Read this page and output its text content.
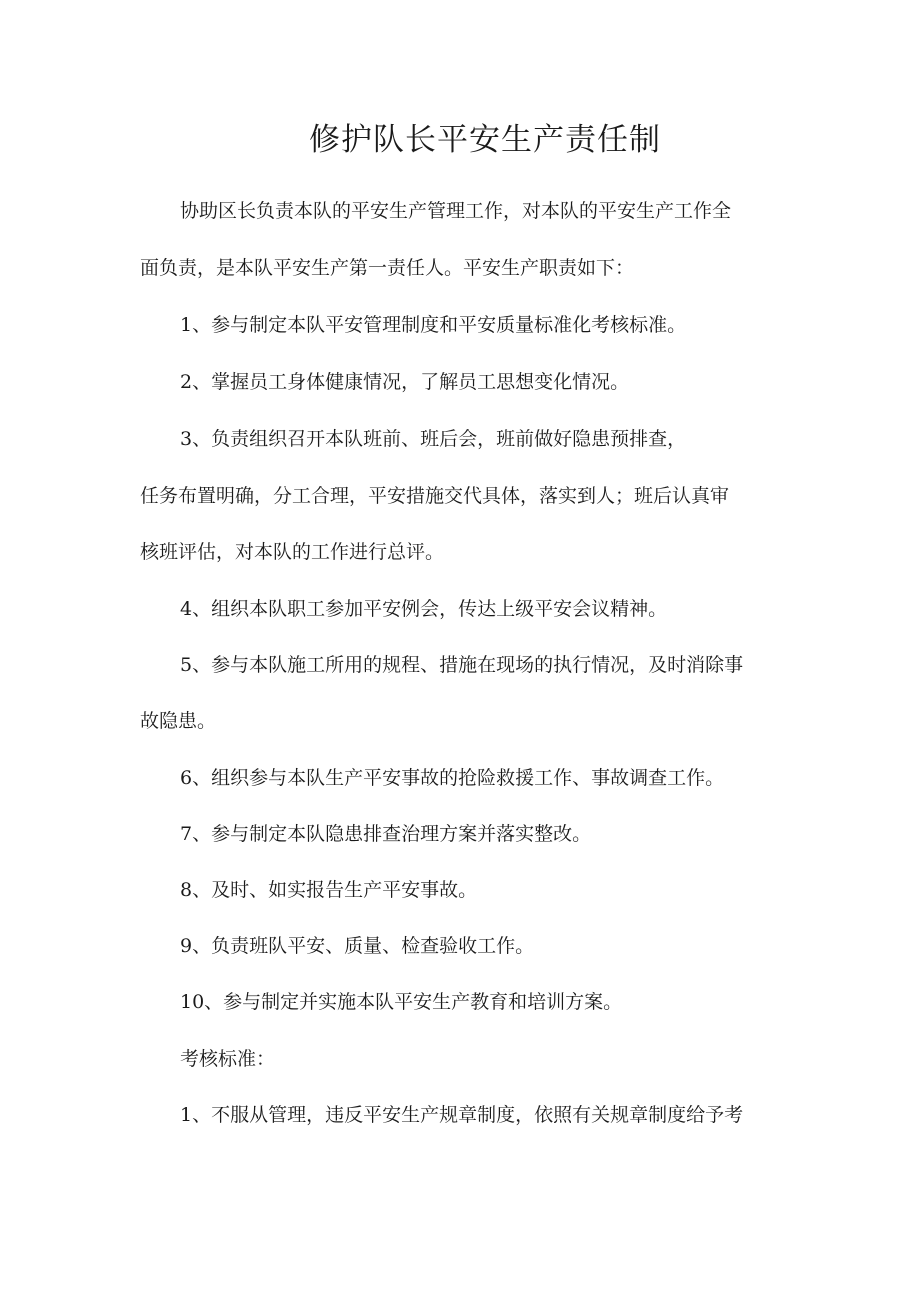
修护队长平安生产责任制

协助区长负责本队的平安生产管理工作，对本队的平安生产工作全

面负责，是本队平安生产第一责任人。平安生产职责如下：

1、参与制定本队平安管理制度和平安质量标准化考核标准。

2、掌握员工身体健康情况，了解员工思想变化情况。

3、负责组织召开本队班前、班后会，班前做好隐患预排查，

任务布置明确，分工合理，平安措施交代具体，落实到人；班后认真审

核班评估，对本队的工作进行总评。

4、组织本队职工参加平安例会，传达上级平安会议精神。

5、参与本队施工所用的规程、措施在现场的执行情况，及时消除事

故隐患。

6、组织参与本队生产平安事故的抢险救援工作、事故调查工作。

7、参与制定本队隐患排查治理方案并落实整改。

8、及时、如实报告生产平安事故。

9、负责班队平安、质量、检查验收工作。

10、参与制定并实施本队平安生产教育和培训方案。

考核标准：

1、不服从管理，违反平安生产规章制度，依照有关规章制度给予考
